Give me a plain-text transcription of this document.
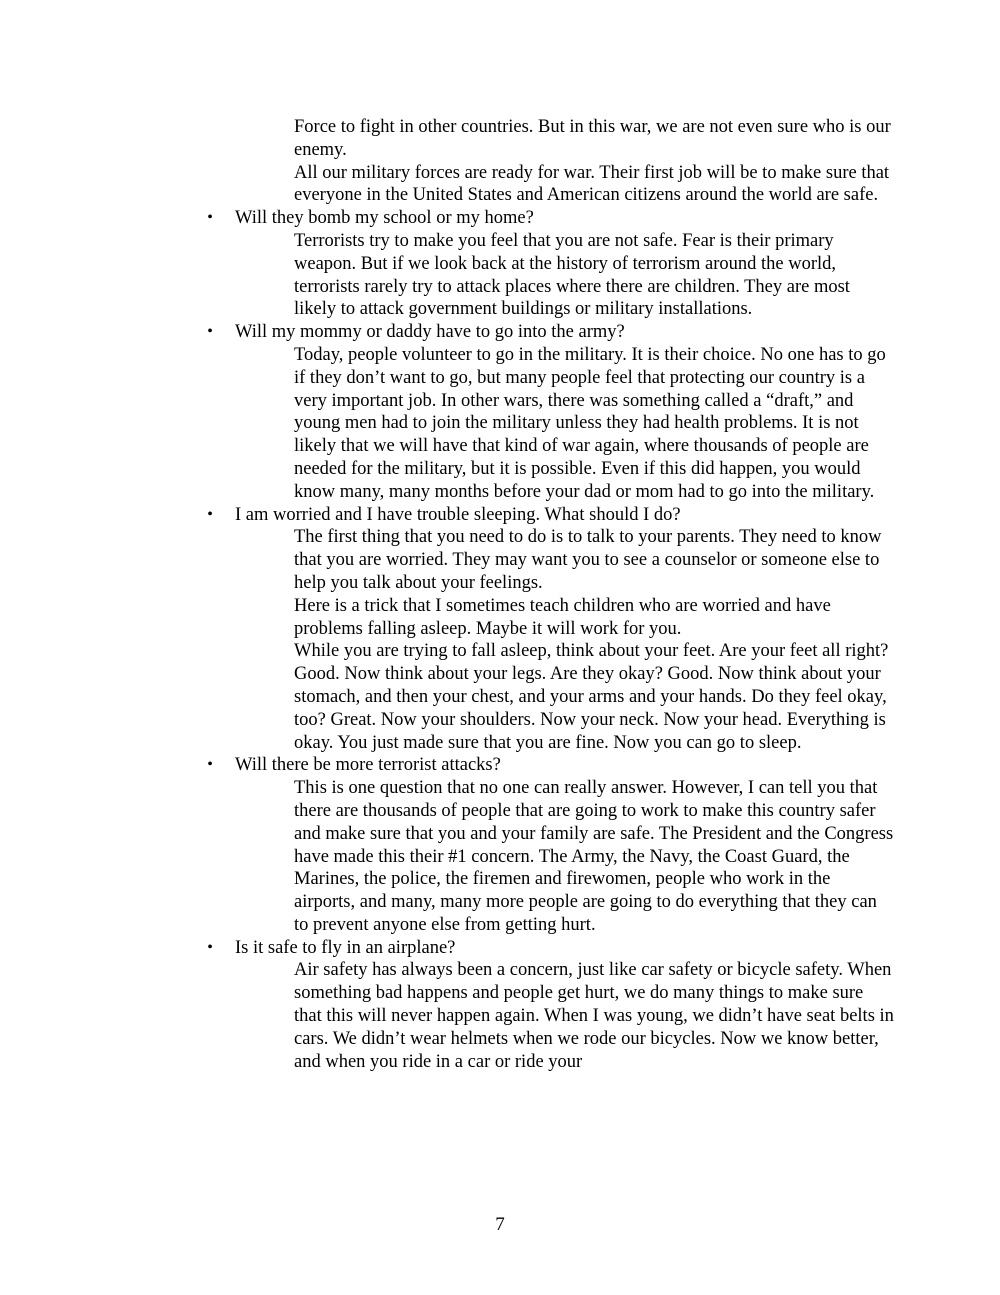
Force to fight in other countries. But in this war, we are not even sure who is our enemy.

All our military forces are ready for war. Their first job will be to make sure that everyone in the United States and American citizens around the world are safe.

• Will they bomb my school or my home?

Terrorists try to make you feel that you are not safe. Fear is their primary weapon. But if we look back at the history of terrorism around the world, terrorists rarely try to attack places where there are children. They are most likely to attack government buildings or military installations.

• Will my mommy or daddy have to go into the army?

Today, people volunteer to go in the military. It is their choice. No one has to go if they don’t want to go, but many people feel that protecting our country is a very important job. In other wars, there was something called a “draft,” and young men had to join the military unless they had health problems. It is not likely that we will have that kind of war again, where thousands of people are needed for the military, but it is possible. Even if this did happen, you would know many, many months before your dad or mom had to go into the military.

• I am worried and I have trouble sleeping. What should I do?

The first thing that you need to do is to talk to your parents. They need to know that you are worried. They may want you to see a counselor or someone else to help you talk about your feelings.

Here is a trick that I sometimes teach children who are worried and have problems falling asleep. Maybe it will work for you.

While you are trying to fall asleep, think about your feet. Are your feet all right? Good. Now think about your legs. Are they okay? Good. Now think about your stomach, and then your chest, and your arms and your hands. Do they feel okay, too? Great. Now your shoulders. Now your neck. Now your head. Everything is okay. You just made sure that you are fine. Now you can go to sleep.

• Will there be more terrorist attacks?

This is one question that no one can really answer. However, I can tell you that there are thousands of people that are going to work to make this country safer and make sure that you and your family are safe. The President and the Congress have made this their #1 concern. The Army, the Navy, the Coast Guard, the Marines, the police, the firemen and firewomen, people who work in the airports, and many, many more people are going to do everything that they can to prevent anyone else from getting hurt.

• Is it safe to fly in an airplane?

Air safety has always been a concern, just like car safety or bicycle safety. When something bad happens and people get hurt, we do many things to make sure that this will never happen again. When I was young, we didn’t have seat belts in cars. We didn’t wear helmets when we rode our bicycles. Now we know better, and when you ride in a car or ride your

7
